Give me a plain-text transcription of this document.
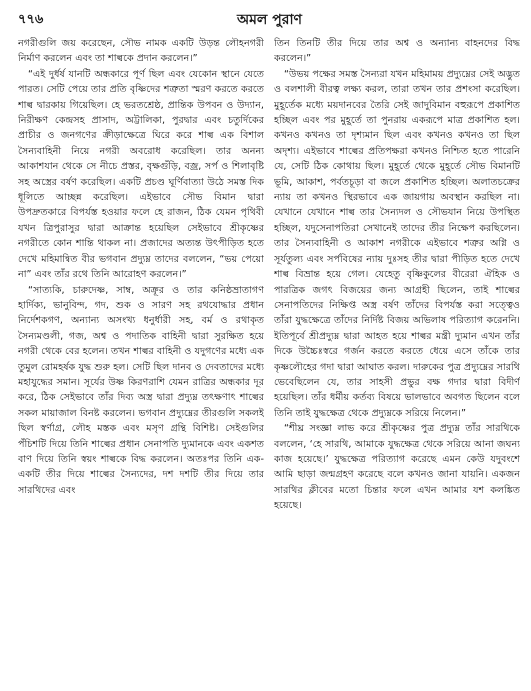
৭৭৬	অমল পুরাণ

নগরীগুলি জয় করেছেন, সৌভ নামক একটি উড়ন্ত লৌহনগরী নির্মাণ করলেন এবং তা শাল্বকে প্রদান করলেন।”

“এই দুর্ধর্ষ যানটি অন্ধকারে পূর্ণ ছিল এবং যেকোন স্থানে যেতে পারত। সেটি পেয়ে তার প্রতি বৃষ্ণিদের শত্রুতা স্মরণ করতে করতে শাল্ব দ্বারকায় গিয়েছিল। হে ভরতশ্রেষ্ঠ, প্রান্তিক উপবন ও উদ্যান, নিরীক্ষণ কেন্দ্রসহ প্রাসাদ, অট্টালিকা, পুরদ্বার এবং চতুর্দিকের প্রাচীর ও জনগণের ক্রীড়াক্ষেত্রে ঘিরে করে শাল্ব এক বিশাল সৈন্যবাহিনী নিয়ে নগরী অবরোধ করেছিল। তার অনন্য আকাশযান থেকে সে নীচে প্রস্তর, বৃক্ষগুঁড়ি, বজ্র, সর্প ও শিলাবৃষ্টি সহ অস্ত্রের বর্ষণ করেছিল। একটি প্রচণ্ড ঘূর্ণিবাত্যা উঠে সমস্ত দিক ধূলিতে আচ্ছন্ন করেছিল। এইভাবে সৌভ বিমান দ্বারা উপদ্রুতকারে বিপর্যস্ত হওয়ার ফলে হে রাজন, ঠিক যেমন পৃথিবী যখন ত্রিপুরাসুর দ্বারা আক্রান্ত হয়েছিল সেইভাবে শ্রীকৃষ্ণের নগরীতে কোন শান্তি থাকল না। প্রজাদের অত্যন্ত উৎপীড়িত হতে দেখে মহিমান্বিত বীর ভগবান প্রদ্যুম্ন তাদের বললেন, “ভয় পেয়ো না” এবং তাঁর রথে তিনি আরোহণ করলেন।”

“সাত্যকি, চারুদেষ্ণ, সাম্ব, অক্রূর ও তার কনিষ্ঠভ্রাতাগণ হার্দিক্য, ভানুবিন্দ, গদ, শুক ও সারণ সহ রথযোদ্ধার প্রধান নির্দেশকগণ, অন্যান্য অসংখ্য ধনুর্ধারী সহ, বর্ম ও রথাকৃত সৈন্যমণ্ডলী, গজ, অশ্ব ও পদাতিক বাহিনী দ্বারা সুরক্ষিত হয়ে নগরী থেকে বের হলেন। তখন শাল্বর বাহিনী ও যদুগণের মধ্যে এক তুমুল রোমহর্ষক যুদ্ধ শুরু হল। সেটি ছিল দানব ও দেবতাদের মধ্যে মহাযুদ্ধের সমান। সূর্যের উষ্ণ কিরণরাশি যেমন রাত্রির অন্ধকার দূর করে, ঠিক সেইভাবে তাঁর দিব্য অস্ত্র দ্বারা প্রদ্যুম্ন তৎক্ষণাৎ শাল্বের সকল মায়াজাল বিনষ্ট করলেন। ভগবান প্রদ্যুম্নের তীরগুলি সকলই ছিল স্বর্ণাগ্র, লৌহ মস্তক এবং মসৃণ গ্রন্থি বিশিষ্ট। সেইগুলির পঁচিশটি দিয়ে তিনি শাল্বের প্রধান সেনাপতি দ্যুমানকে এবং একশত বাণ দিয়ে তিনি স্বয়ং শাল্বকে বিদ্ধ করলেন। অতঃপর তিনি এক-একটি তীর দিয়ে শাল্বের সৈন্যদের, দশ দশটি তীর দিয়ে তার সারথিদের এবং

তিন তিনটি তীর দিয়ে তার অশ্ব ও অন্যান্য বাহনদের বিদ্ধ করলেন।”

“উভয় পক্ষের সমস্ত সৈন্যরা যখন মহিমাময় প্রদ্যুম্নের সেই অদ্ভুত ও বলশালী বীরত্ব লক্ষ্য করল, তারা তখন তার প্রশংসা করেছিল। মুহূর্তেক মধ্যে ময়দানবের তৈরি সেই জাদুবিমান বহুরূপে প্রকাশিত হচ্ছিল এবং পর মুহূর্তে তা পুনরায় একরূপে মাত্র প্রকাশিত হল। কখনও কখনও তা দৃশ্যমান ছিল এবং কখনও কখনও তা ছিল অদৃশ্য। এইভাবে শাল্বের প্রতিপক্ষরা কখনও নিশ্চিত হতে পারেনি যে, সেটি ঠিক কোথায় ছিল। মুহূর্তে থেকে মুহূর্তে সৌভ বিমানটি ভূমি, আকাশ, পর্বতচূড়া বা জলে প্রকাশিত হচ্ছিল। অলাতচক্রের ন্যায় তা কখনও স্থিরভাবে এক জায়গায় অবস্থান করছিল না। যেখানে যেখানে শাল্ব তার সৈন্যদল ও সৌভযান নিয়ে উপস্থিত হচ্ছিল, যদুসেনাপতিরা সেখানেই তাদের তীর নিক্ষেপ করছিলেন। তার সৈন্যবাহিনী ও আকাশ নগরীকে এইভাবে শত্রুর অগ্নি ও সূর্যতুল্য এবং সর্পবিষের ন্যায় দুঃসহ তীর দ্বারা পীড়িত হতে দেখে শাল্ব বিভ্রান্ত হয়ে গেল। যেহেতু বৃষ্ণিকুলের বীরেরা ঐহিক ও পারত্রিক জগৎ বিজয়ের জন্য আগ্রহী ছিলেন, তাই শাল্বের সেনাপতিদের নিক্ষিপ্ত অস্ত্র বর্ষণ তাঁদের বিপর্যস্ত করা সত্ত্বেও তাঁরা যুদ্ধক্ষেত্রে তাঁদের নির্দিষ্ট বিজয় অভিলাষ পরিত্যাগ করেননি। ইতিপূর্বে শ্রীপ্রদ্যুম্ন দ্বারা আহত হয়ে শাল্বর মন্ত্রী দ্যুমান এখন তাঁর দিকে উচ্চৈঃস্বরে গর্জন করতে করতে ধেয়ে এসে তাঁকে তার কৃষ্ণলৌহের গদা দ্বারা আঘাত করল। দারুকের পুত্র প্রদ্যুম্নের সারথি ভেবেছিলেন যে, তার সাহসী প্রভুর বক্ষ গদার দ্বারা বিদীর্ণ হয়েছিল। তাঁর ধর্মীয় কর্তব্য বিষয়ে ভালভাবে অবগত ছিলেন বলে তিনি তাই যুদ্ধক্ষেত্র থেকে প্রদ্যুম্নকে সরিয়ে নিলেন।”

“শীঘ্র সংজ্ঞা লাভ করে শ্রীকৃষ্ণের পুত্র প্রদ্যুম্ন তাঁর সারথিকে বললেন, ‘হে সারথি, আমাকে যুদ্ধক্ষেত্র থেকে সরিয়ে আনা জঘন্য কাজ হয়েছে।’ যুদ্ধক্ষেত্র পরিত্যাগ করেছে এমন কেউ যদুবংশে আমি ছাড়া জন্মগ্রহণ করেছে বলে কখনও জানা যায়নি। একজন সারথির ক্লীবের মতো চিন্তার ফলে এখন আমার যশ কলঙ্কিত হয়েছে।
